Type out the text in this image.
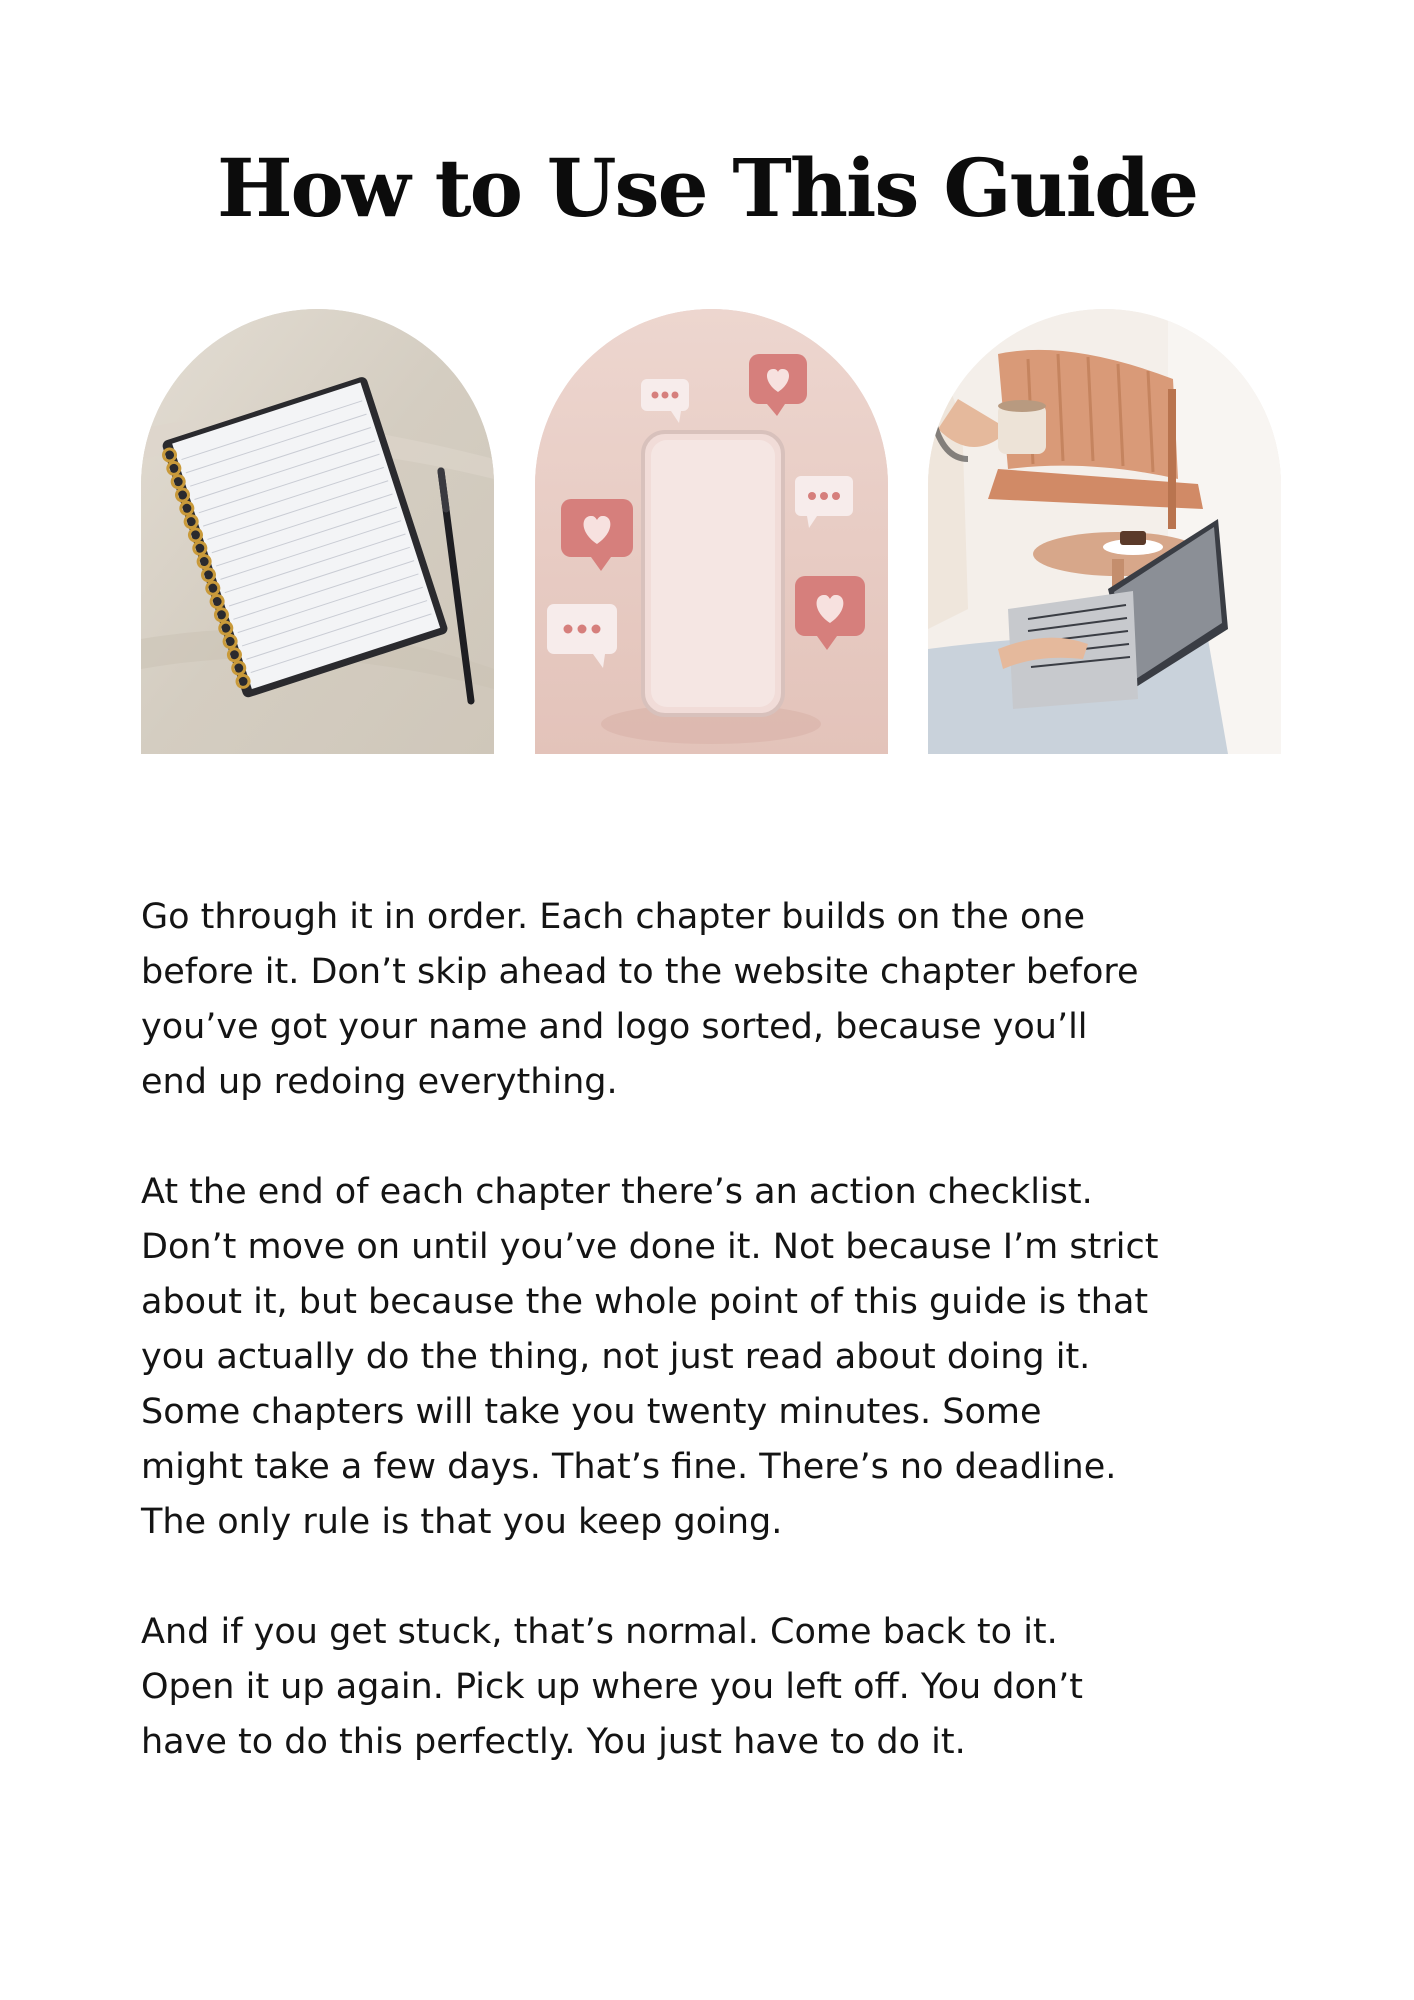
How to Use This Guide

Go through it in order. Each chapter builds on the one
before it. Don’t skip ahead to the website chapter before
you’ve got your name and logo sorted, because you’ll
end up redoing everything.

At the end of each chapter there’s an action checklist.
Don’t move on until you’ve done it. Not because I’m strict
about it, but because the whole point of this guide is that
you actually do the thing, not just read about doing it.
Some chapters will take you twenty minutes. Some
might take a few days. That’s fine. There’s no deadline.
The only rule is that you keep going.

And if you get stuck, that’s normal. Come back to it.
Open it up again. Pick up where you left off. You don’t
have to do this perfectly. You just have to do it.
